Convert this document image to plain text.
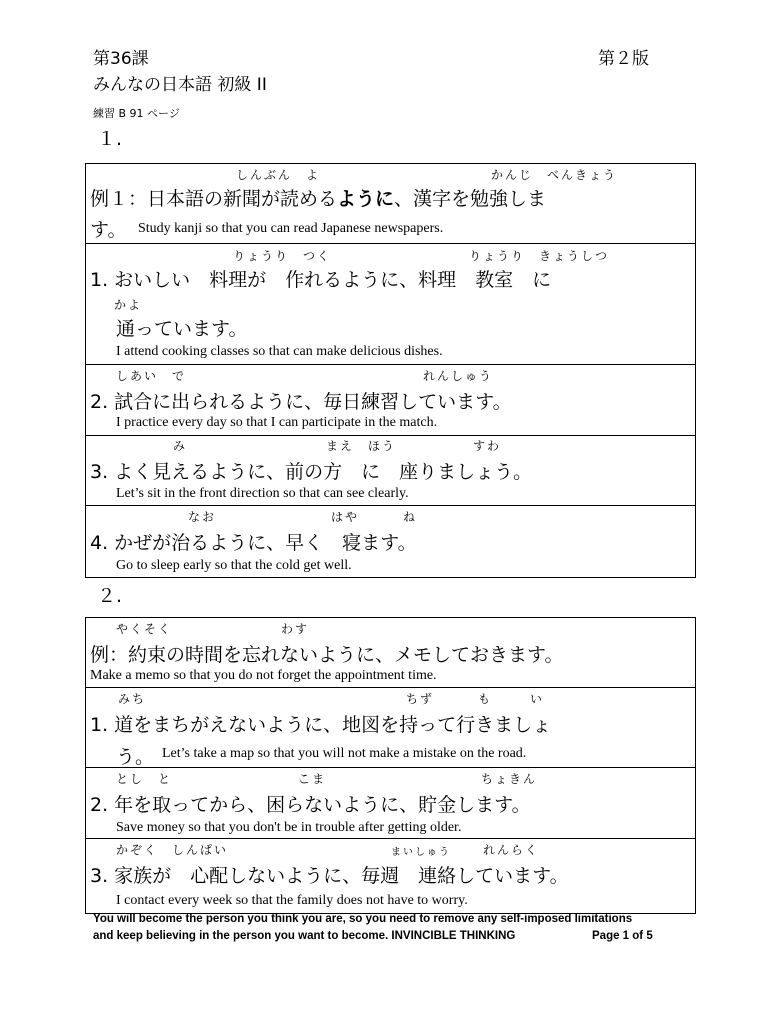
第36課	第２版
みんなの日本語 初級 II
練習 B 91 ページ
１.
しんぶん　よ	かんじ　べんきょう
例１：日本語の新聞が読めるように、漢字を勉強しま
す。 Study kanji so that you can read Japanese newspapers.
りょうり　つく	りょうり　きょうしつ
1. おいしい　料理が　作れるように、料理　教室　に
かよ
通っています。
I attend cooking classes so that can make delicious dishes.
しあい　で	れんしゅう
2. 試合に出られるように、毎日練習しています。
I practice every day so that I can participate in the match.
み	まえ　ほう	すわ
3. よく見えるように、前の方　に　座りましょう。
Let’s sit in the front direction so that can see clearly.
なお	はや	ね
4. かぜが治るように、早く　寝ます。
Go to sleep early so that the cold get well.
２.
やくそく	わす
例：約束の時間を忘れないように、メモしておきます。
Make a memo so that you do not forget the appointment time.
みち	ちず	も	い
1. 道をまちがえないように、地図を持って行きましょ
う。 Let’s take a map so that you will not make a mistake on the road.
とし　と	こま	ちょきん
2. 年を取ってから、困らないように、貯金します。
Save money so that you don't be in trouble after getting older.
かぞく　しんぱい	まいしゅう	れんらく
3. 家族が　心配しないように、毎週　連絡しています。
I contact every week so that the family does not have to worry.
You will become the person you think you are, so you need to remove any self-imposed limitations
and keep believing in the person you want to become. INVINCIBLE THINKING	Page 1 of 5
